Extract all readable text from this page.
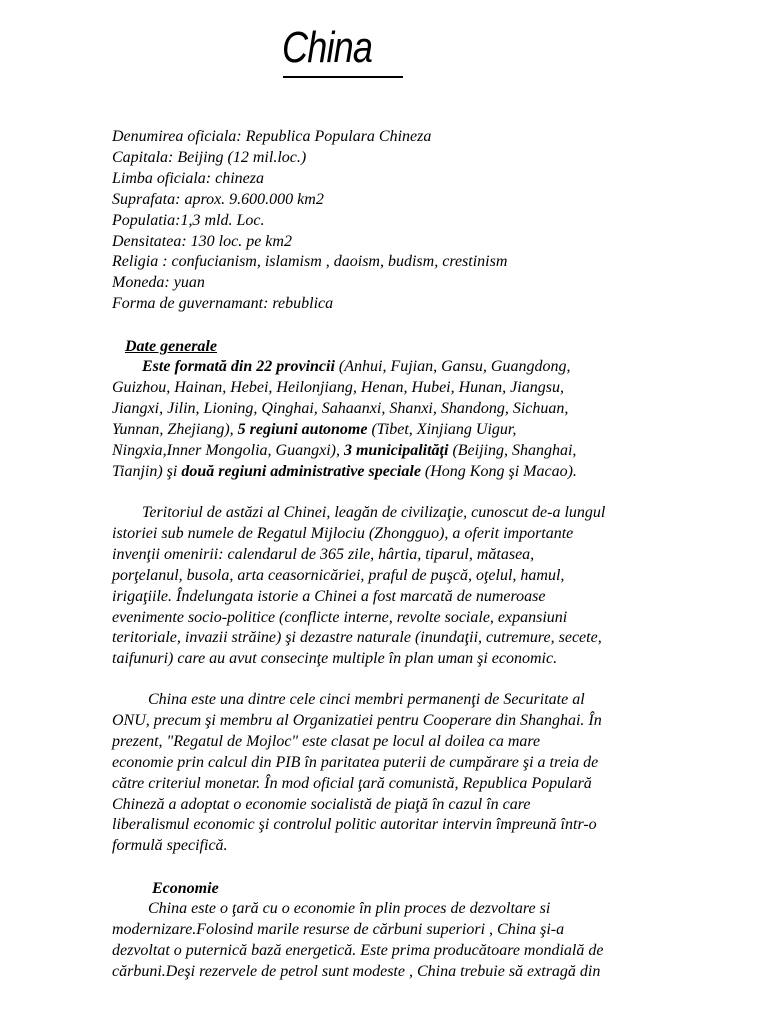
China
Denumirea oficiala: Republica Populara Chineza
Capitala: Beijing (12 mil.loc.)
Limba oficiala: chineza
Suprafata: aprox. 9.600.000 km2
Populatia:1,3 mld. Loc.
Densitatea: 130 loc. pe km2
Religia : confucianism, islamism , daoism, budism, crestinism
Moneda: yuan
Forma de guvernamant: rebublica
Date generale
Este formată din 22 provincii (Anhui, Fujian, Gansu, Guangdong,
Guizhou, Hainan, Hebei, Heilonjiang, Henan, Hubei, Hunan, Jiangsu,
Jiangxi, Jilin, Lioning, Qinghai, Sahaanxi, Shanxi, Shandong, Sichuan,
Yunnan, Zhejiang), 5 regiuni autonome (Tibet, Xinjiang Uigur,
Ningxia,Inner Mongolia, Guangxi), 3 municipalităţi (Beijing, Shanghai,
Tianjin) şi două regiuni administrative speciale (Hong Kong şi Macao).
Teritoriul de astăzi al Chinei, leagăn de civilizaţie, cunoscut de-a lungul
istoriei sub numele de Regatul Mijlociu (Zhongguo), a oferit importante
invenţii omenirii: calendarul de 365 zile, hârtia, tiparul, mătasea,
porţelanul, busola, arta ceasornicăriei, praful de puşcă, oţelul, hamul,
irigaţiile. Îndelungata istorie a Chinei a fost marcată de numeroase
evenimente socio-politice (conflicte interne, revolte sociale, expansiuni
teritoriale, invazii străine) şi dezastre naturale (inundaţii, cutremure, secete,
taifunuri) care au avut consecinţe multiple în plan uman şi economic.
China este una dintre cele cinci membri permanenţi de Securitate al
ONU, precum şi membru al Organizatiei pentru Cooperare din Shanghai. În
prezent, "Regatul de Mojloc" este clasat pe locul al doilea ca mare
economie prin calcul din PIB în paritatea puterii de cumpărare şi a treia de
către criteriul monetar. În mod oficial ţară comunistă, Republica Populară
Chineză a adoptat o economie socialistă de piaţă în cazul în care
liberalismul economic şi controlul politic autoritar intervin împreună într-o
formulă specifică.
Economie
China este o ţară cu o economie în plin proces de dezvoltare si
modernizare.Folosind marile resurse de cărbuni superiori , China şi-a
dezvoltat o puternică bază energetică. Este prima producătoare mondială de
cărbuni.Deşi rezervele de petrol sunt modeste , China trebuie să extragă din
